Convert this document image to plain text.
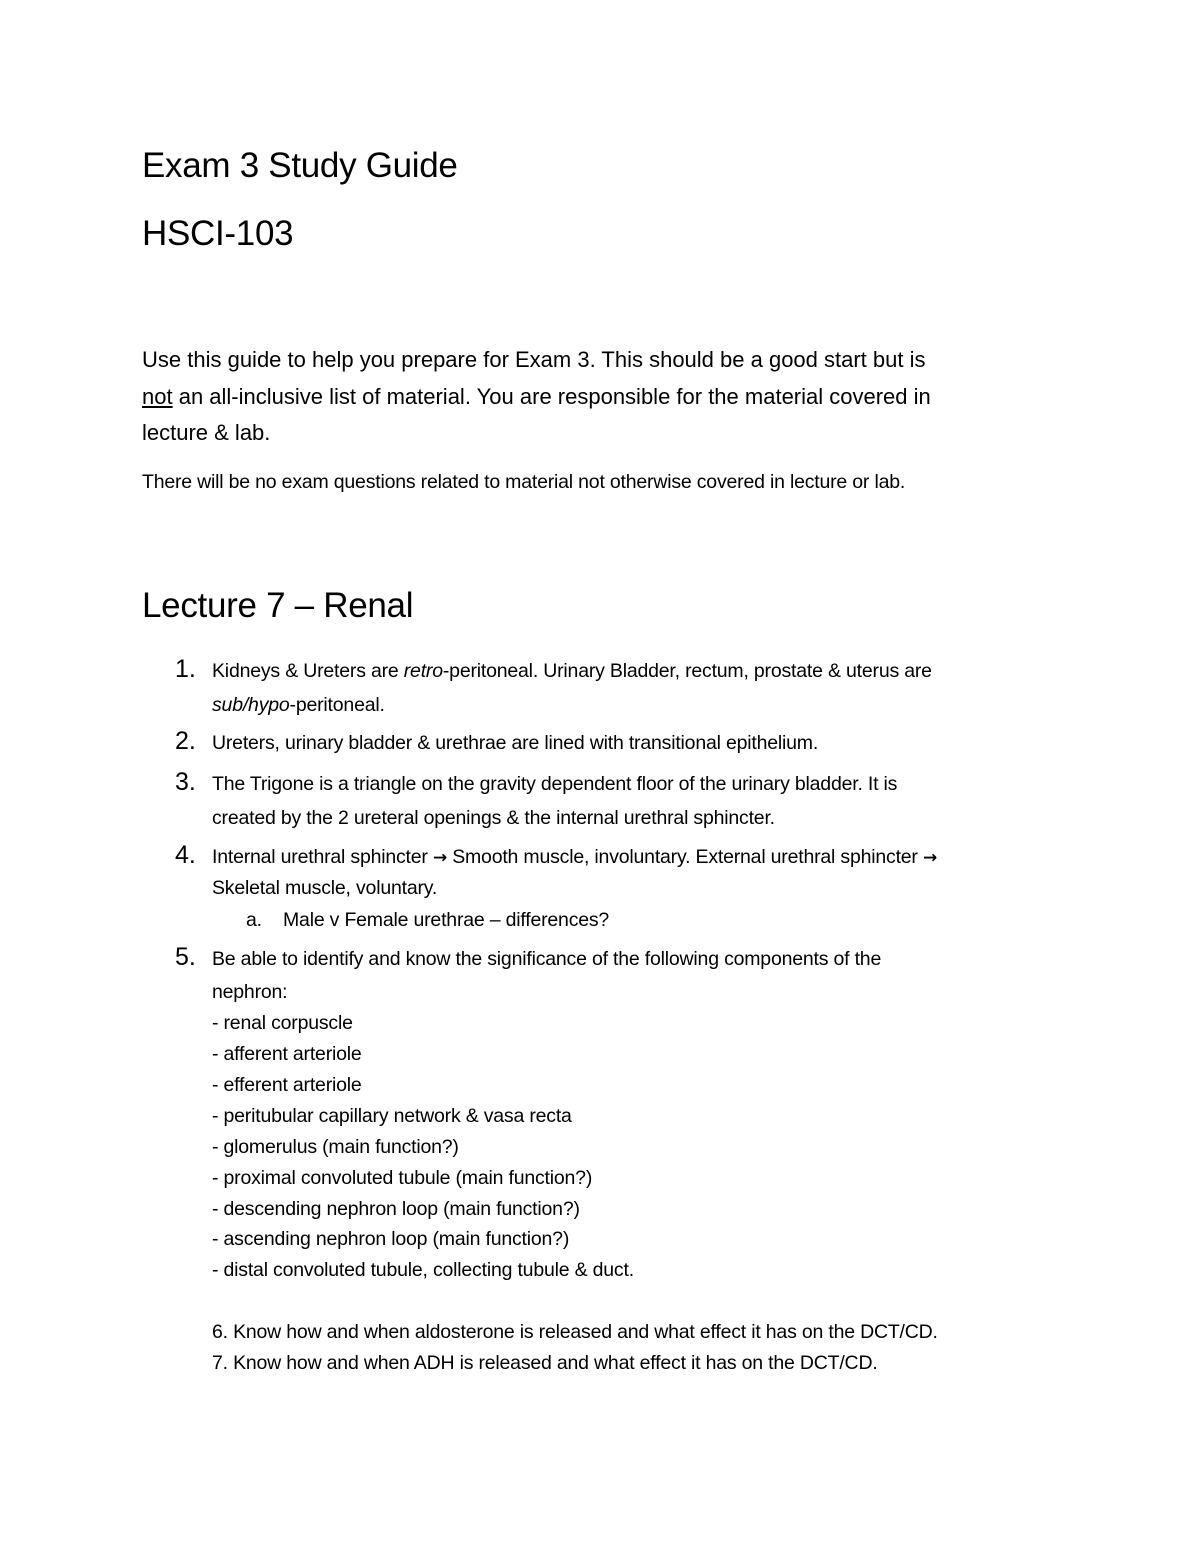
Exam 3 Study Guide
HSCI-103
Use this guide to help you prepare for Exam 3. This should be a good start but is
not an all-inclusive list of material. You are responsible for the material covered in
lecture & lab.
There will be no exam questions related to material not otherwise covered in lecture or lab.
Lecture 7 – Renal
1. Kidneys & Ureters are retro-peritoneal. Urinary Bladder, rectum, prostate & uterus are
sub/hypo-peritoneal.
2. Ureters, urinary bladder & urethrae are lined with transitional epithelium.
3. The Trigone is a triangle on the gravity dependent floor of the urinary bladder. It is
created by the 2 ureteral openings & the internal urethral sphincter.
4. Internal urethral sphincter → Smooth muscle, involuntary. External urethral sphincter →
Skeletal muscle, voluntary.
a. Male v Female urethrae – differences?
5. Be able to identify and know the significance of the following components of the
nephron:
- renal corpuscle
- afferent arteriole
- efferent arteriole
- peritubular capillary network & vasa recta
- glomerulus (main function?)
- proximal convoluted tubule (main function?)
- descending nephron loop (main function?)
- ascending nephron loop (main function?)
- distal convoluted tubule, collecting tubule & duct.
6. Know how and when aldosterone is released and what effect it has on the DCT/CD.
7. Know how and when ADH is released and what effect it has on the DCT/CD.
